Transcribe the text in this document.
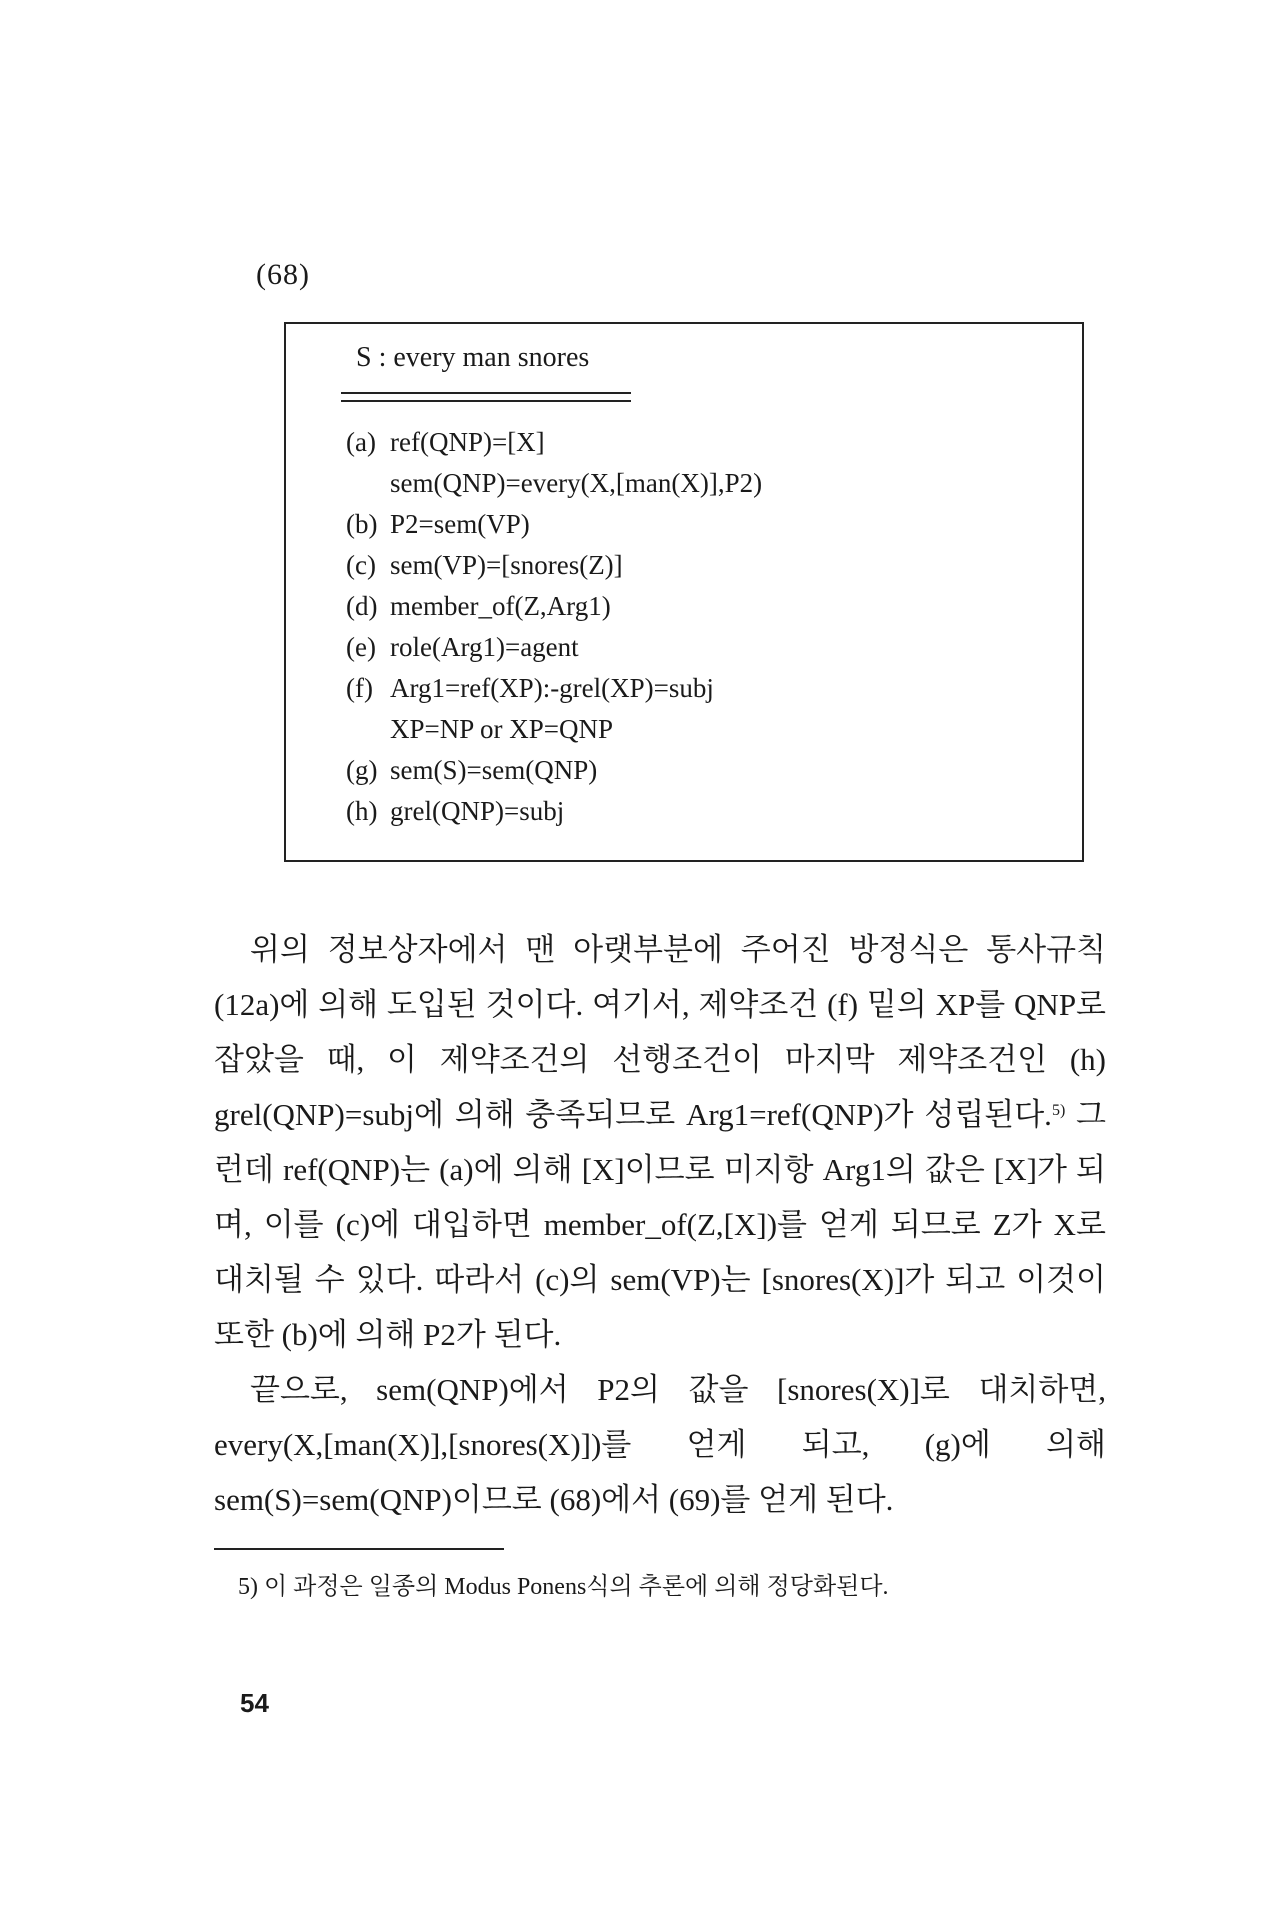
(68)
S : every man snores
(a) ref(QNP)=[X]
sem(QNP)=every(X,[man(X)],P2)
(b) P2=sem(VP)
(c) sem(VP)=[snores(Z)]
(d) member_of(Z,Arg1)
(e) role(Arg1)=agent
(f) Arg1=ref(XP):-grel(XP)=subj
XP=NP or XP=QNP
(g) sem(S)=sem(QNP)
(h) grel(QNP)=subj

위의 정보상자에서 맨 아랫부분에 주어진 방정식은 통사규칙 (12a)에 의해 도입된 것이다. 여기서, 제약조건 (f) 밑의 XP를 QNP로 잡았을 때, 이 제약조건의 선행조건이 마지막 제약조건인 (h) grel(QNP)=subj에 의해 충족되므로 Arg1=ref(QNP)가 성립된다.$^{5)}$ 그런데 ref(QNP)는 (a)에 의해 [X]이므로 미지항 Arg1의 값은 [X]가 되며, 이를 (c)에 대입하면 member_of(Z,[X])를 얻게 되므로 Z가 X로 대치될 수 있다. 따라서 (c)의 sem(VP)는 [snores(X)]가 되고 이것이 또한 (b)에 의해 P2가 된다.

끝으로, sem(QNP)에서 P2의 값을 [snores(X)]로 대치하면, every(X,[man(X)],[snores(X)])를 얻게 되고, (g)에 의해 sem(S)=sem(QNP)이므로 (68)에서 (69)를 얻게 된다.

5) 이 과정은 일종의 Modus Ponens식의 추론에 의해 정당화된다.
54
